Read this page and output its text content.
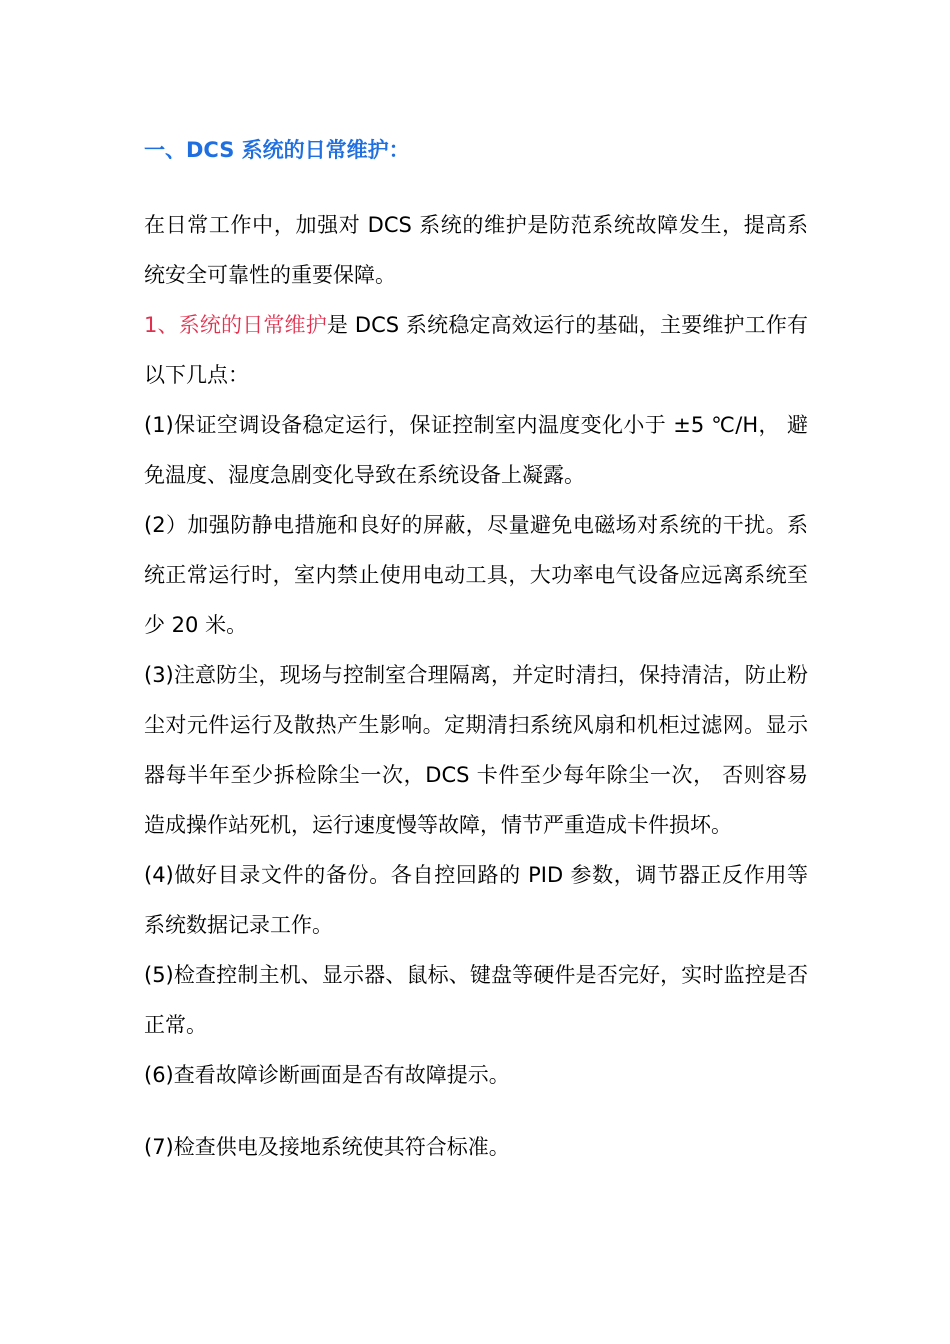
一、DCS 系统的日常维护：

在日常工作中，加强对 DCS 系统的维护是防范系统故障发生，提高系统安全可靠性的重要保障。

1、系统的日常维护是 DCS 系统稳定高效运行的基础，主要维护工作有以下几点：

(1)保证空调设备稳定运行，保证控制室内温度变化小于 ±5 ℃/H， 避免温度、湿度急剧变化导致在系统设备上凝露。

(2）加强防静电措施和良好的屏蔽，尽量避免电磁场对系统的干扰。系统正常运行时，室内禁止使用电动工具，大功率电气设备应远离系统至少 20 米。

(3)注意防尘，现场与控制室合理隔离，并定时清扫，保持清洁，防止粉尘对元件运行及散热产生影响。定期清扫系统风扇和机柜过滤网。显示器每半年至少拆检除尘一次，DCS 卡件至少每年除尘一次， 否则容易造成操作站死机，运行速度慢等故障，情节严重造成卡件损坏。

(4)做好目录文件的备份。各自控回路的 PID 参数，调节器正反作用等系统数据记录工作。

(5)检查控制主机、显示器、鼠标、键盘等硬件是否完好，实时监控是否正常。

(6)查看故障诊断画面是否有故障提示。

(7)检查供电及接地系统使其符合标准。
